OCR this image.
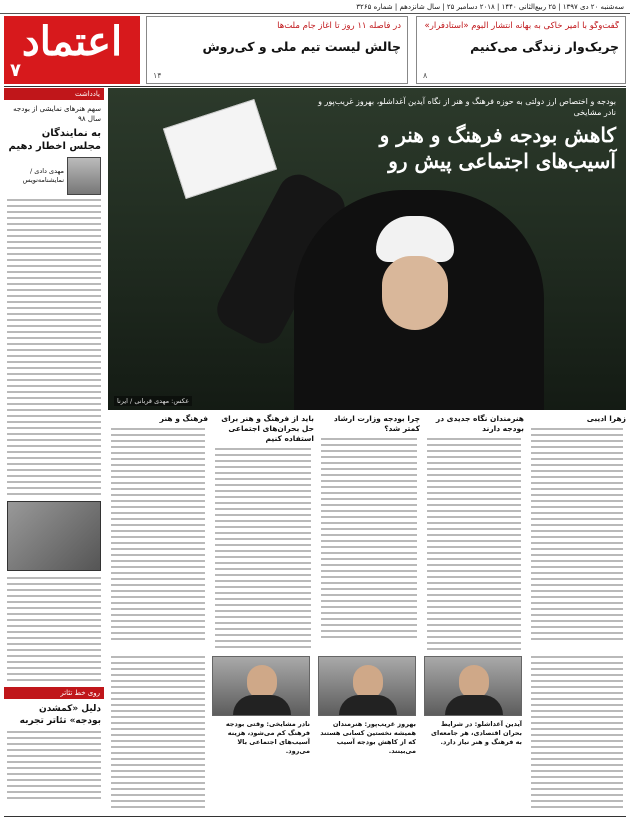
سه‌شنبه ۲۰ دی ۱۳۹۷ | ۲۵ ربیع‌الثانی ۱۴۴۰ | ۲۰۱۸ دسامبر ۲۵ | سال شانزدهم | شماره ۳۲۶۵
اعتماد
۷
گفت‌وگو با امیر خاکی به بهانه انتشار آلبوم «استادفرار»
چریک‌وار زندگی می‌کنیم
۸
در فاصله ۱۱ روز تا آغاز جام ملت‌ها
چالش لیست تیم ملی و کی‌روش
۱۴
یادداشت
سهم هنرهای نمایشی از بودجه سال ۹۸
به نمایندگان مجلس اخطار دهیم
مهدی دادی / نمایشنامه‌نویس
روی خط تئاتر
دلیل «کمشدن بودجه» تئاتر تجربه
بودجه و اختصاص ارز دولتی به حوزه فرهنگ و هنر از نگاه آیدین آغداشلو، بهروز غریب‌پور و نادر مشایخی
کاهش بودجه فرهنگ و هنر و آسیب‌های اجتماعی پیش رو
عکس: مهدی قربانی / ایرنا
زهرا ادیبی
هنرمندان نگاه جدیدی در بودجه دارند
چرا بودجه وزارت ارشاد کمتر شد؟
باید از فرهنگ و هنر برای حل بحران‌های اجتماعی استفاده کنیم
فرهنگ و هنر
آیدین آغداشلو: در شرایط بحران اقتصادی، هر جامعه‌ای به فرهنگ و هنر نیاز دارد.
بهروز غریب‌پور: هنرمندان همیشه نخستین کسانی هستند که از کاهش بودجه آسیب می‌بینند.
نادر مشایخی: وقتی بودجه فرهنگ کم می‌شود، هزینه آسیب‌های اجتماعی بالا می‌رود.
